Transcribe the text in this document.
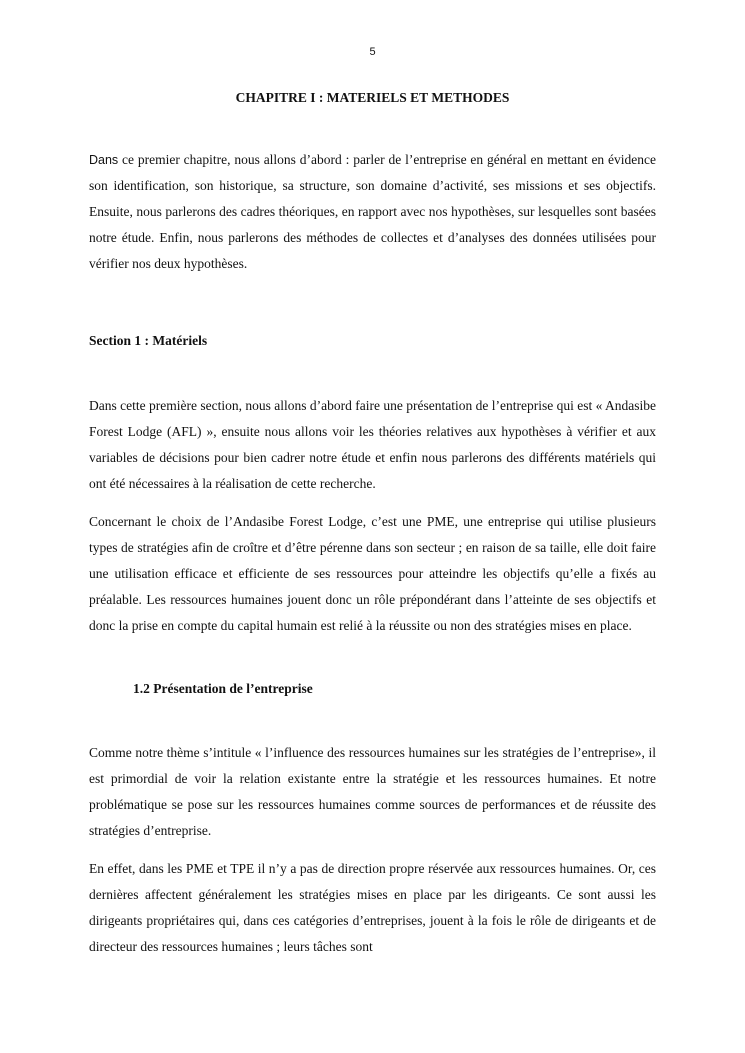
5
CHAPITRE I : MATERIELS ET METHODES

Dans ce premier chapitre, nous allons d’abord : parler de l’entreprise en général en mettant en évidence son identification, son historique, sa structure, son domaine d’activité, ses missions et ses objectifs. Ensuite, nous parlerons des cadres théoriques, en rapport avec nos hypothèses, sur lesquelles sont basées notre étude. Enfin, nous parlerons des méthodes de collectes et d’analyses des données utilisées pour vérifier nos deux hypothèses.

Section 1 : Matériels

Dans cette première section, nous allons d’abord faire une présentation de l’entreprise qui est « Andasibe Forest Lodge (AFL) », ensuite nous allons voir les théories relatives aux hypothèses à vérifier et aux variables de décisions pour bien cadrer notre étude et enfin nous parlerons des différents matériels qui ont été nécessaires à la réalisation de cette recherche.

Concernant le choix de l’Andasibe Forest Lodge, c’est une PME, une entreprise qui utilise plusieurs types de stratégies afin de croître et d’être pérenne dans son secteur ; en raison de sa taille, elle doit faire une utilisation efficace et efficiente de ses ressources pour atteindre les objectifs qu’elle a fixés au préalable. Les ressources humaines jouent donc un rôle prépondérant dans l’atteinte de ses objectifs et donc la prise en compte du capital humain est relié à la réussite ou non des stratégies mises en place.

1.2 Présentation de l’entreprise

Comme notre thème s’intitule « l’influence des ressources humaines sur les stratégies de l’entreprise», il est primordial de voir la relation existante entre la stratégie et les ressources humaines. Et notre problématique se pose sur les ressources humaines comme sources de performances et de réussite des stratégies d’entreprise.

En effet, dans les PME et TPE il n’y a pas de direction propre réservée aux ressources humaines. Or, ces dernières affectent généralement les stratégies mises en place par les dirigeants. Ce sont aussi les dirigeants propriétaires qui, dans ces catégories d’entreprises, jouent à la fois le rôle de dirigeants et de directeur des ressources humaines ; leurs tâches sont
